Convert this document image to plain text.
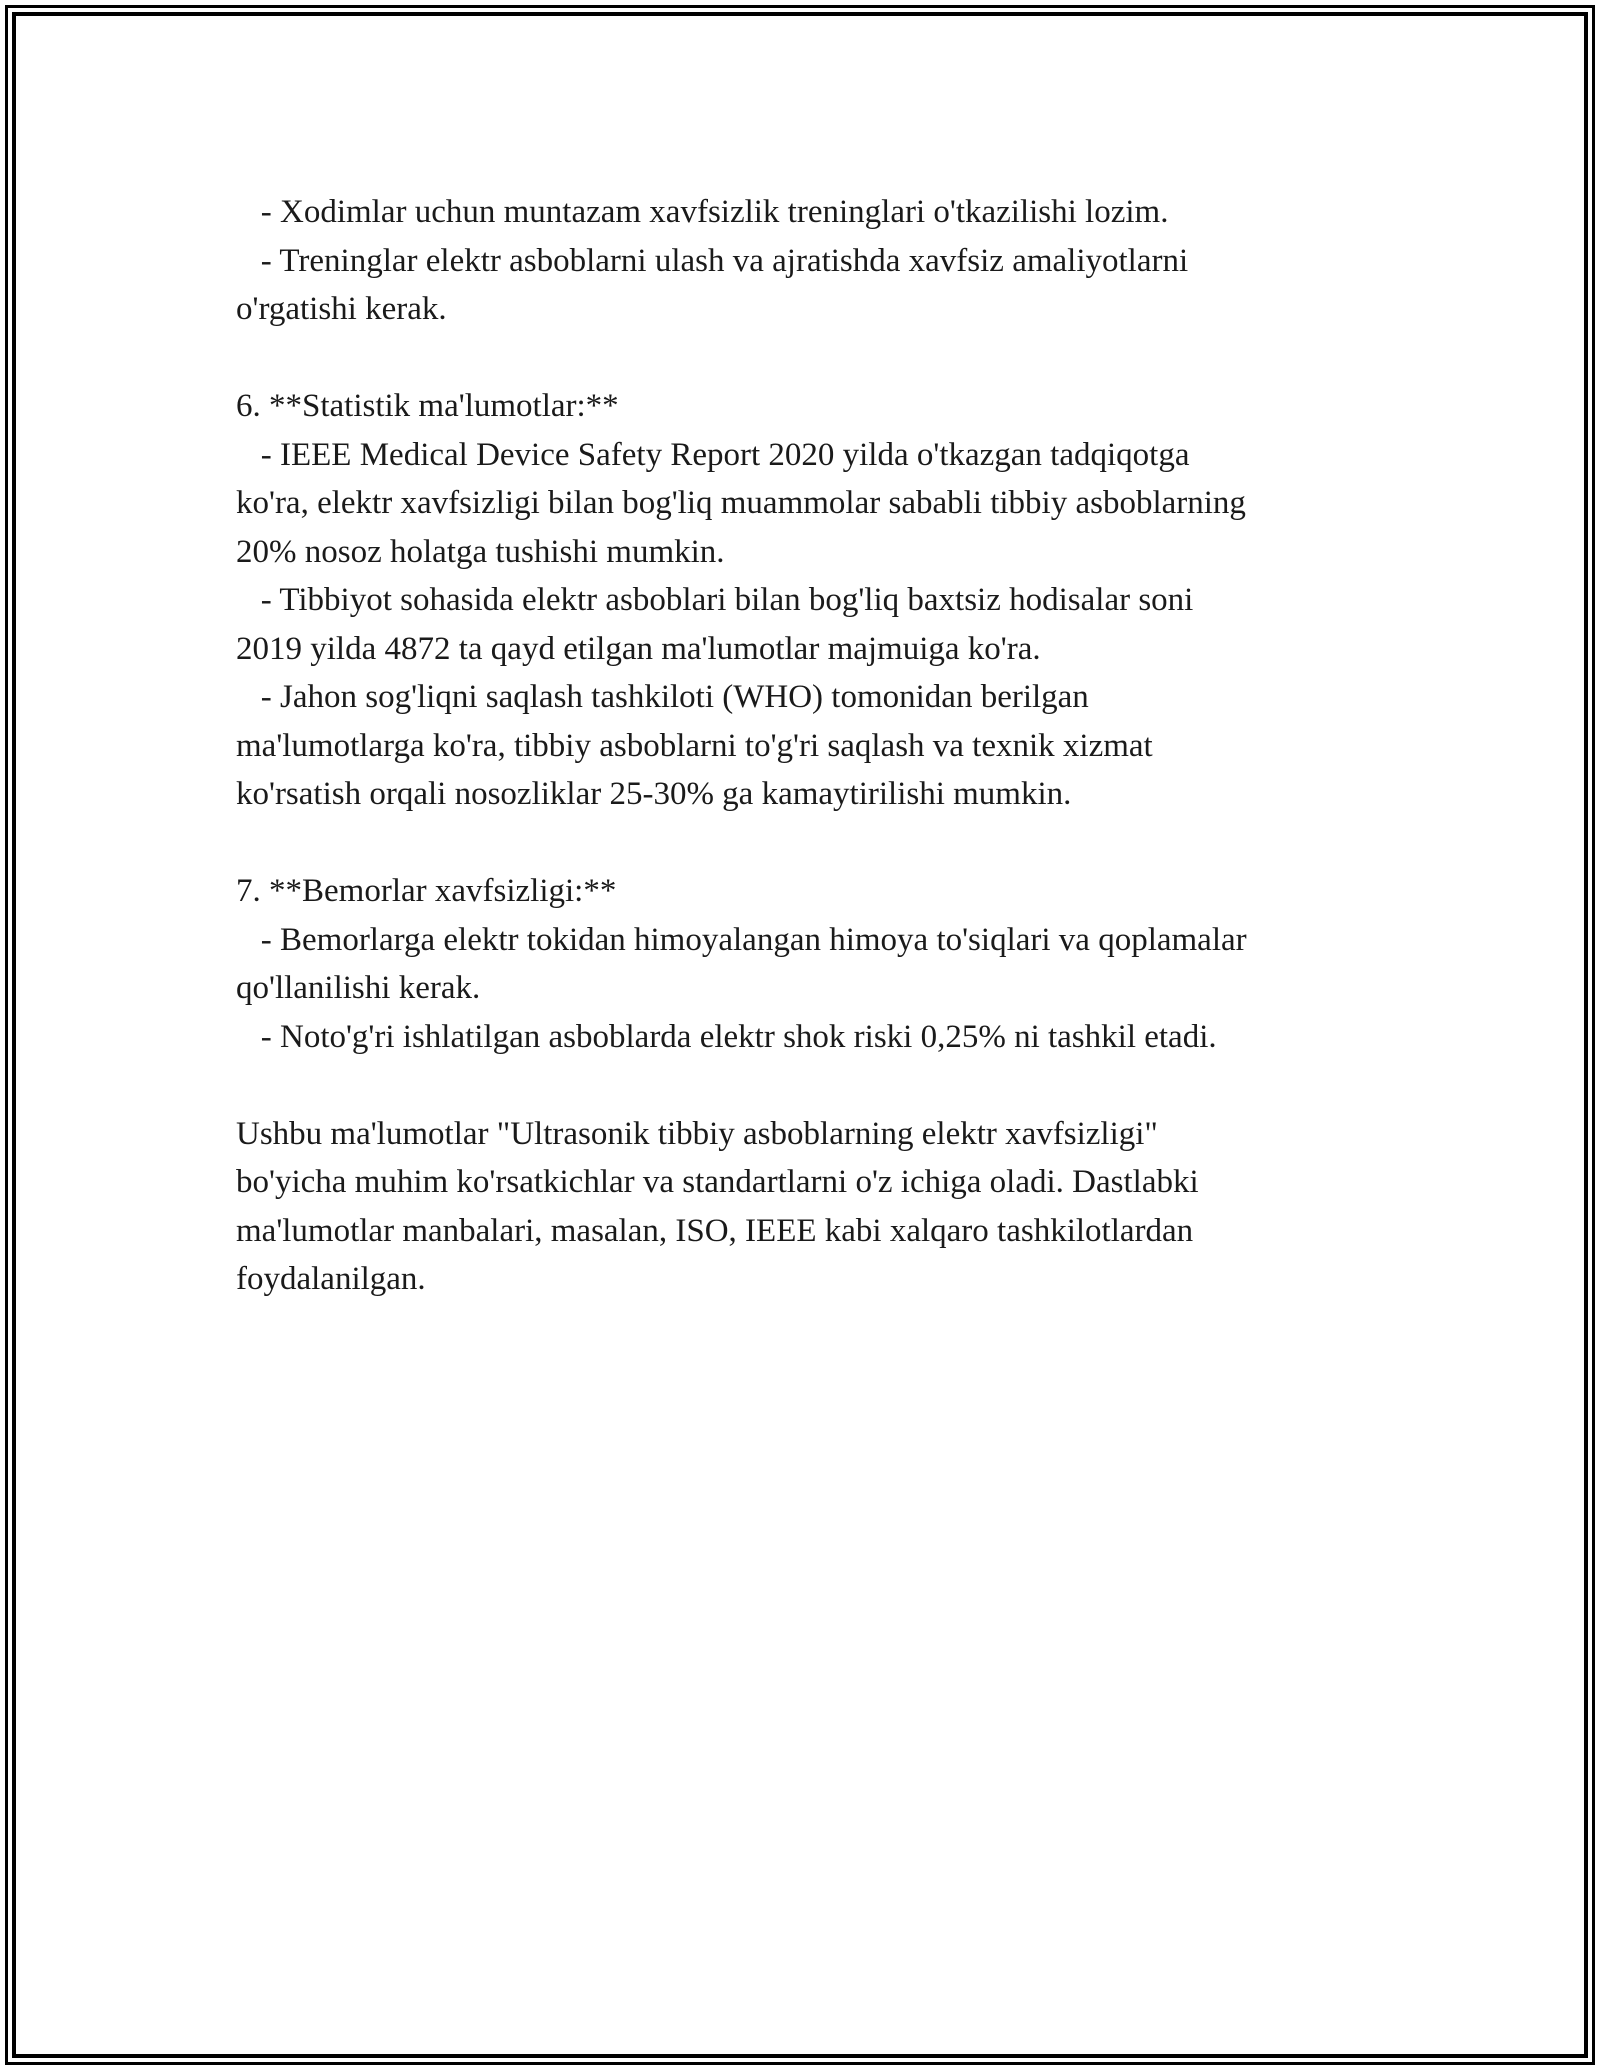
- Xodimlar uchun muntazam xavfsizlik treninglari o'tkazilishi lozim.
- Treninglar elektr asboblarni ulash va ajratishda xavfsiz amaliyotlarni
o'rgatishi kerak.
6. **Statistik ma'lumotlar:**
- IEEE Medical Device Safety Report 2020 yilda o'tkazgan tadqiqotga
ko'ra, elektr xavfsizligi bilan bog'liq muammolar sababli tibbiy asboblarning
20% nosoz holatga tushishi mumkin.
- Tibbiyot sohasida elektr asboblari bilan bog'liq baxtsiz hodisalar soni
2019 yilda 4872 ta qayd etilgan ma'lumotlar majmuiga ko'ra.
- Jahon sog'liqni saqlash tashkiloti (WHO) tomonidan berilgan
ma'lumotlarga ko'ra, tibbiy asboblarni to'g'ri saqlash va texnik xizmat
ko'rsatish orqali nosozliklar 25-30% ga kamaytirilishi mumkin.
7. **Bemorlar xavfsizligi:**
- Bemorlarga elektr tokidan himoyalangan himoya to'siqlari va qoplamalar
qo'llanilishi kerak.
- Noto'g'ri ishlatilgan asboblarda elektr shok riski 0,25% ni tashkil etadi.
Ushbu ma'lumotlar "Ultrasonik tibbiy asboblarning elektr xavfsizligi"
bo'yicha muhim ko'rsatkichlar va standartlarni o'z ichiga oladi. Dastlabki
ma'lumotlar manbalari, masalan, ISO, IEEE kabi xalqaro tashkilotlardan
foydalanilgan.
